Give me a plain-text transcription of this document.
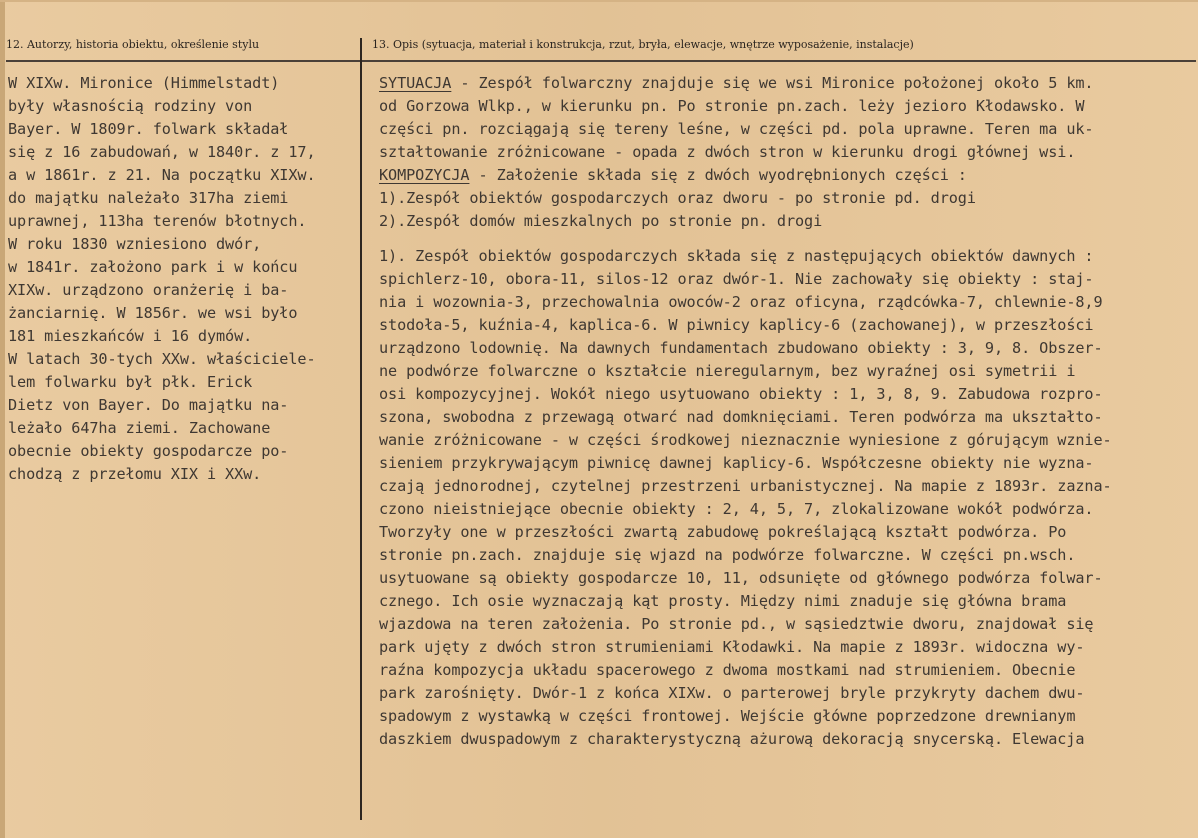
12. Autorzy, historia obiektu, określenie stylu	13. Opis (sytuacja, materiał i konstrukcja, rzut, bryła, elewacje, wnętrze wyposażenie, instalacje)
W XIXw. Mironice (Himmelstadt)
były własnością rodziny von
Bayer. W 1809r. folwark składał
się z 16 zabudowań, w 1840r. z 17,
a w 1861r. z 21. Na początku XIXw.
do majątku należało 317ha ziemi
uprawnej, 113ha terenów błotnych.
W roku 1830 wzniesiono dwór,
w 1841r. założono park i w końcu
XIXw. urządzono oranżerię i ba-
żanciarnię. W 1856r. we wsi było
181 mieszkańców i 16 dymów.
W latach 30-tych XXw. właściciele-
lem folwarku był płk. Erick
Dietz von Bayer. Do majątku na-
leżało 647ha ziemi. Zachowane
obecnie obiekty gospodarcze po-
chodzą z przełomu XIX i XXw.
SYTUACJA - Zespół folwarczny znajduje się we wsi Mironice położonej około 5 km.
od Gorzowa Wlkp., w kierunku pn. Po stronie pn.zach. leży jezioro Kłodawsko. W
części pn. rozciągają się tereny leśne, w części pd. pola uprawne. Teren ma uk-
ształtowanie zróżnicowane - opada z dwóch stron w kierunku drogi głównej wsi.
KOMPOZYCJA - Założenie składa się z dwóch wyodrębnionych części :
1).Zespół obiektów gospodarczych oraz dworu - po stronie pd. drogi
2).Zespół domów mieszkalnych po stronie pn. drogi
1). Zespół obiektów gospodarczych składa się z następujących obiektów dawnych :
spichlerz-10, obora-11, silos-12 oraz dwór-1. Nie zachowały się obiekty : staj-
nia i wozownia-3, przechowalnia owoców-2 oraz oficyna, rządcówka-7, chlewnie-8,9
stodoła-5, kuźnia-4, kaplica-6. W piwnicy kaplicy-6 (zachowanej), w przeszłości
urządzono lodownię. Na dawnych fundamentach zbudowano obiekty : 3, 9, 8. Obszer-
ne podwórze folwarczne o kształcie nieregularnym, bez wyraźnej osi symetrii i
osi kompozycyjnej. Wokół niego usytuowano obiekty : 1, 3, 8, 9. Zabudowa rozpro-
szona, swobodna z przewagą otwarć nad domknięciami. Teren podwórza ma ukształto-
wanie zróżnicowane - w części środkowej nieznacznie wyniesione z górującym wznie-
sieniem przykrywającym piwnicę dawnej kaplicy-6. Współczesne obiekty nie wyzna-
czają jednorodnej, czytelnej przestrzeni urbanistycznej. Na mapie z 1893r. zazna-
czono nieistniejące obecnie obiekty : 2, 4, 5, 7, zlokalizowane wokół podwórza.
Tworzyły one w przeszłości zwartą zabudowę pokreślającą kształt podwórza. Po
stronie pn.zach. znajduje się wjazd na podwórze folwarczne. W części pn.wsch.
usytuowane są obiekty gospodarcze 10, 11, odsunięte od głównego podwórza folwar-
cznego. Ich osie wyznaczają kąt prosty. Między nimi znaduje się główna brama
wjazdowa na teren założenia. Po stronie pd., w sąsiedztwie dworu, znajdował się
park ujęty z dwóch stron strumieniami Kłodawki. Na mapie z 1893r. widoczna wy-
raźna kompozycja układu spacerowego z dwoma mostkami nad strumieniem. Obecnie
park zarośnięty. Dwór-1 z końca XIXw. o parterowej bryle przykryty dachem dwu-
spadowym z wystawką w części frontowej. Wejście główne poprzedzone drewnianym
daszkiem dwuspadowym z charakterystyczną ażurową dekoracją snycerską. Elewacja
